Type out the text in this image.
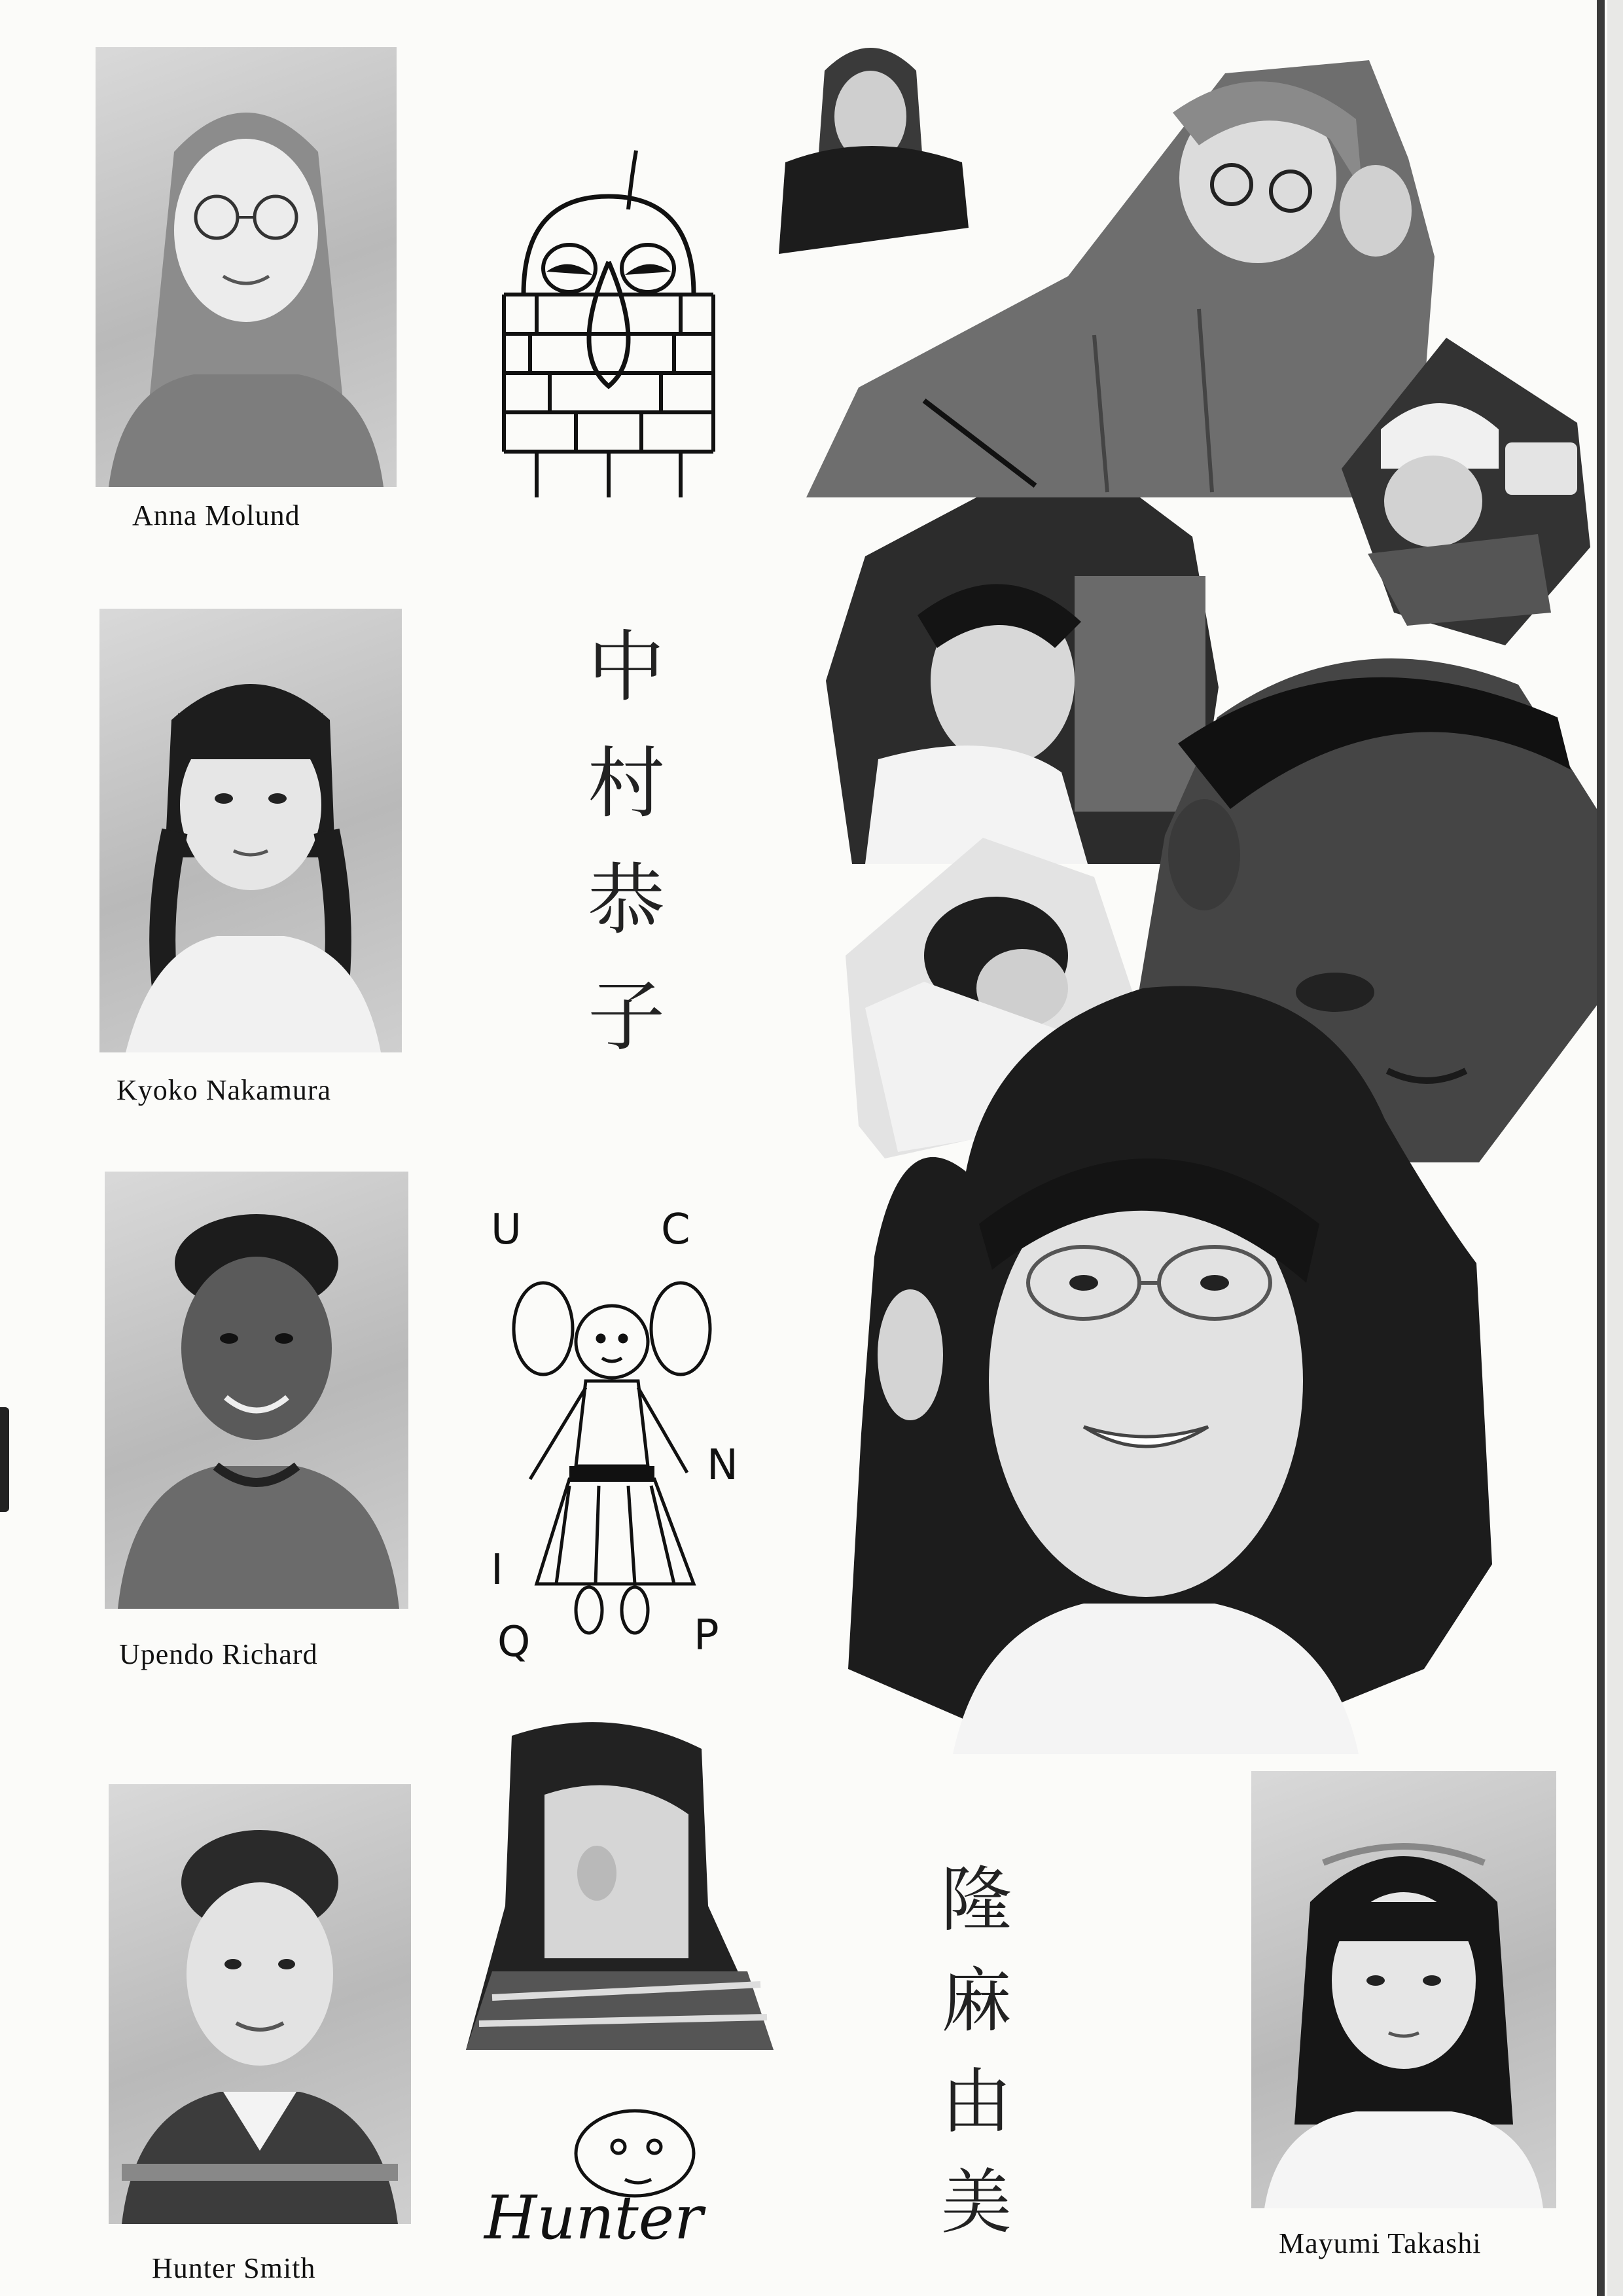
Anna Molund
Kyoko Nakamura
Upendo Richard
Hunter Smith
中
村
恭
子
U	C
N
I
Q	P
Hunter
隆
麻
由
美	Mayumi Takashi
